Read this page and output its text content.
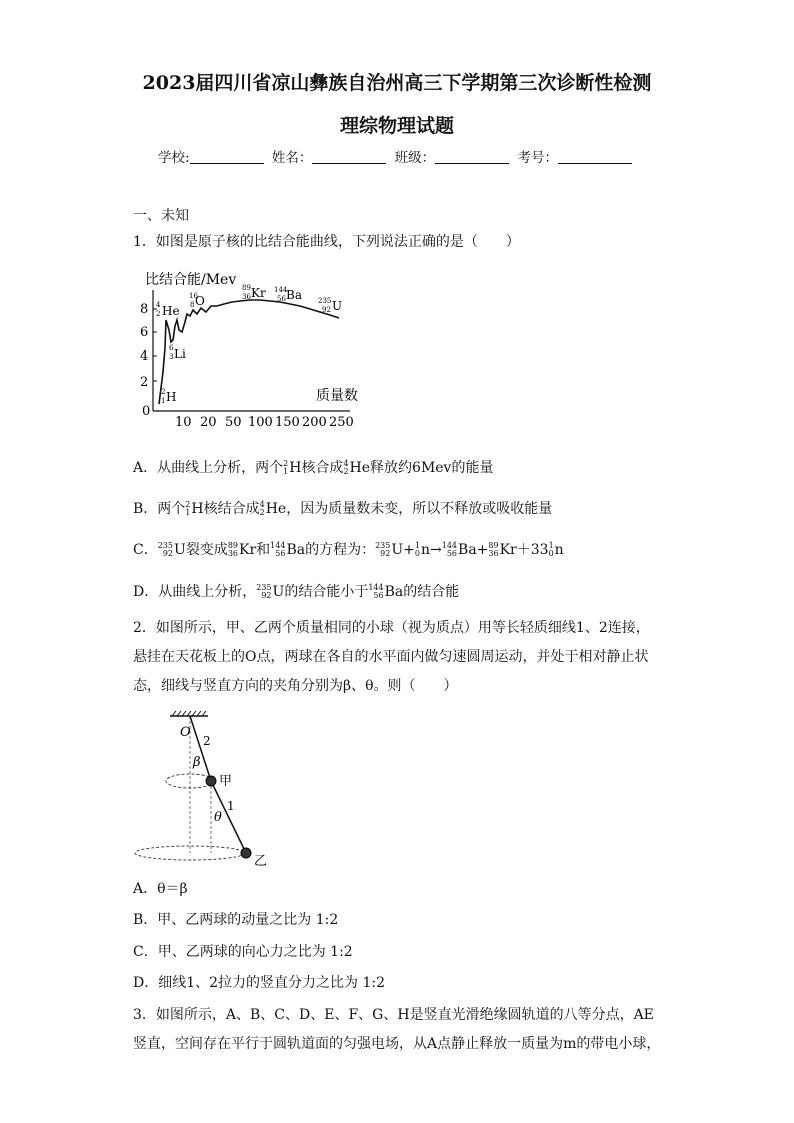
2023届四川省凉山彝族自治州高三下学期第三次诊断性检测
理综物理试题
学校:	姓名：	班级：	考号：
一、未知
1．如图是原子核的比结合能曲线，下列说法正确的是（　　）
比结合能/Mev
0
2
4
6
8
10 20 50 100 150 200 250
质量数
4
2 He
6
3 Li
2
1 H
16
8 O
89
36 Kr 144
56 Ba 235
92 U
A．从曲线上分析，两个 2
1 H核合成 4
2 He释放约6Mev的能量
B．两个 2
1 H核结合成 4
2 He，因为质量数未变，所以不释放或吸收能量
C． 235
92 U裂变成 89
36 Kr和 144
56 Ba的方程为： 235
92 U+ 1
0 n→ 144
56 Ba+ 89
36 Kr＋33 1
0 n
D．从曲线上分析， 235
92 U的结合能小于 144
56 Ba的结合能
2．如图所示，甲、乙两个质量相同的小球（视为质点）用等长轻质细线1、2连接，悬挂在天花板上的O点，两球在各自的水平面内做匀速圆周运动，并处于相对静止状态，细线与竖直方向的夹角分别为β、θ。则（　　）
O
2
β
甲
1
θ
乙
A．θ＝β
B．甲、乙两球的动量之比为 1:2
C．甲、乙两球的向心力之比为 1:2
D．细线1、2拉力的竖直分力之比为 1:2
3．如图所示，A、B、C、D、E、F、G、H是竖直光滑绝缘圆轨道的八等分点，AE竖直，空间存在平行于圆轨道面的匀强电场，从A点静止释放一质量为m的带电小球，
